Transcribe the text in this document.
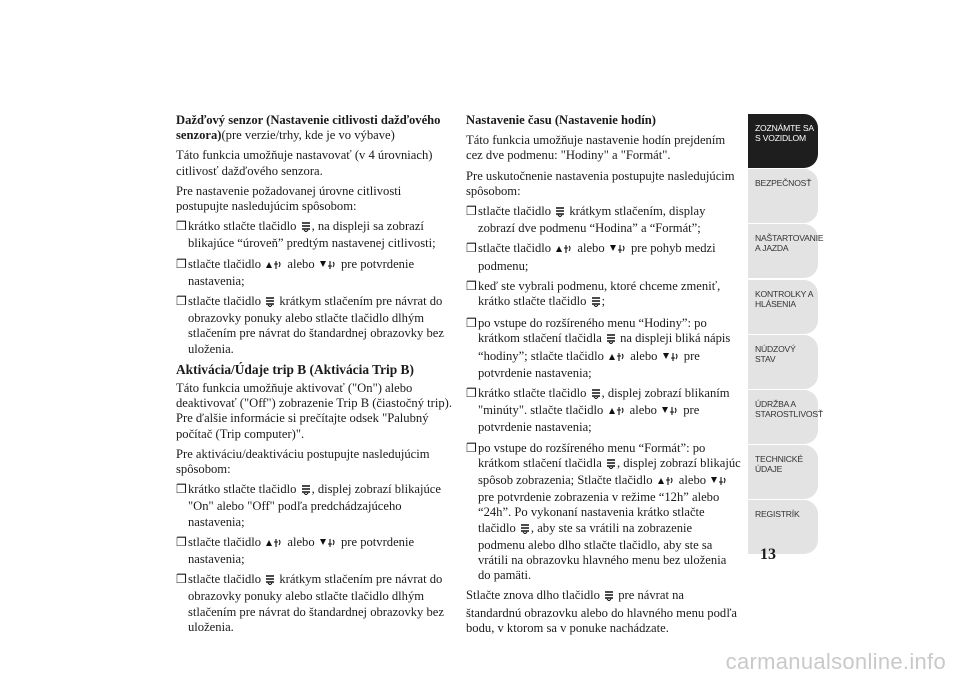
Dažďový senzor (Nastavenie citlivosti dažďového senzora)(pre verzie/trhy, kde je vo výbave)

Táto funkcia umožňuje nastavovať (v 4 úrovniach) citlivosť dažďového senzora.

Pre nastavenie požadovanej úrovne citlivosti postupujte nasledujúcim spôsobom:

❒ krátko stlačte tlačidlo , na displeji sa zobrazí blikajúce “úroveň” predtým nastavenej citlivosti;
❒ stlačte tlačidlo  alebo  pre potvrdenie nastavenia;
❒ stlačte tlačidlo  krátkym stlačením pre návrat do obrazovky ponuky alebo stlačte tlačidlo dlhým stlačením pre návrat do štandardnej obrazovky bez uloženia.
Aktivácia/Údaje trip B (Aktivácia Trip B)

Táto funkcia umožňuje aktivovať ("On") alebo deaktivovať ("Off") zobrazenie Trip B (čiastočný trip). Pre ďalšie informácie si prečítajte odsek "Palubný počítač (Trip computer)".

Pre aktiváciu/deaktiváciu postupujte nasledujúcim spôsobom:

❒ krátko stlačte tlačidlo , displej zobrazí blikajúce "On" alebo "Off" podľa predchádzajúceho nastavenia;
❒ stlačte tlačidlo  alebo  pre potvrdenie nastavenia;
❒ stlačte tlačidlo  krátkym stlačením pre návrat do obrazovky ponuky alebo stlačte tlačidlo dlhým stlačením pre návrat do štandardnej obrazovky bez uloženia.
Nastavenie času (Nastavenie hodín)

Táto funkcia umožňuje nastavenie hodín prejdením cez dve podmenu: "Hodiny" a "Formát".

Pre uskutočnenie nastavenia postupujte nasledujúcim spôsobom:

❒ stlačte tlačidlo  krátkym stlačením, display zobrazí dve podmenu “Hodina” a “Formát”;
❒ stlačte tlačidlo  alebo  pre pohyb medzi podmenu;
❒ keď ste vybrali podmenu, ktoré chceme zmeniť, krátko stlačte tlačidlo ;
❒ po vstupe do rozšíreného menu “Hodiny”: po krátkom stlačení tlačidla  na displeji bliká nápis “hodiny”; stlačte tlačidlo  alebo  pre potvrdenie nastavenia;
❒ krátko stlačte tlačidlo , displej zobrazí blikaním "minúty". stlačte tlačidlo  alebo  pre potvrdenie nastavenia;
❒ po vstupe do rozšíreného menu “Formát”: po krátkom stlačení tlačidla , displej zobrazí blikajúc spôsob zobrazenia; Stlačte tlačidlo  alebo  pre potvrdenie zobrazenia v režime “12h” alebo “24h”. Po vykonaní nastavenia krátko stlačte tlačidlo , aby ste sa vrátili na zobrazenie podmenu alebo dlho stlačte tlačidlo, aby ste sa vrátili na obrazovku hlavného menu bez uloženia do pamäti.

Stlačte znova dlho tlačidlo  pre návrat na štandardnú obrazovku alebo do hlavného menu podľa bodu, v ktorom sa v ponuke nachádzate.

ZOZNÁMTE SA S VOZIDLOM
BEZPEČNOSŤ
NAŠTARTOVANIE A JAZDA
KONTROLKY A HLÁSENIA
NÚDZOVÝ STAV
ÚDRŽBA A STAROSTLIVOSŤ
TECHNICKÉ ÚDAJE
REGISTRÍK
13
carmanualsonline.info
